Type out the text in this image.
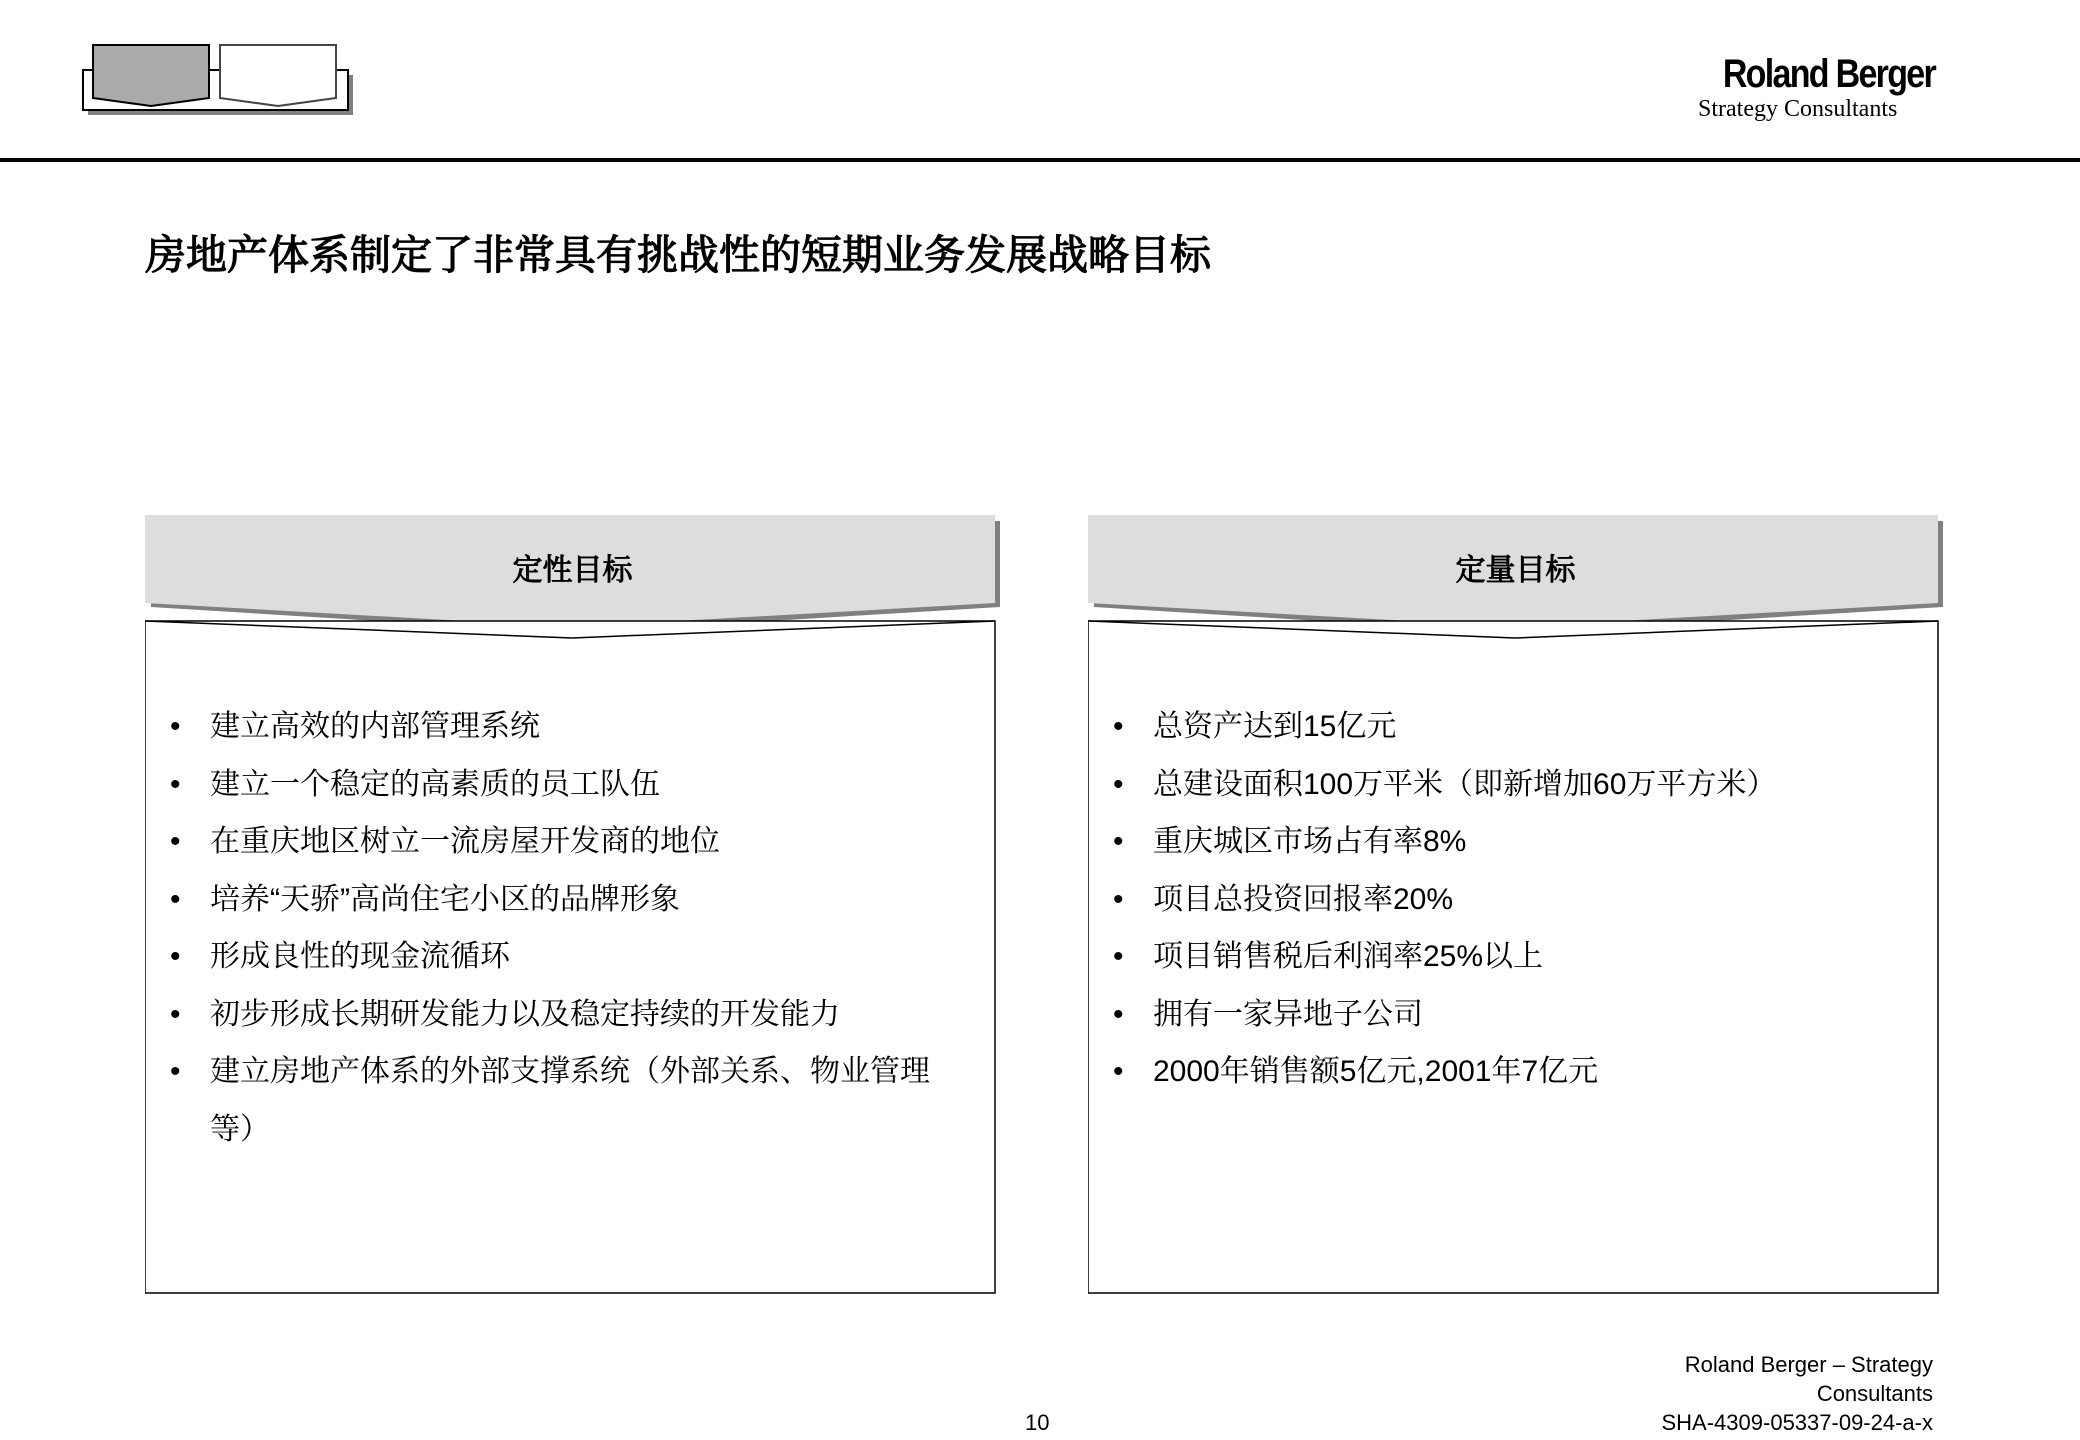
Roland Berger
Strategy Consultants
房地产体系制定了非常具有挑战性的短期业务发展战略目标
定性目标
• 建立高效的内部管理系统
• 建立一个稳定的高素质的员工队伍
• 在重庆地区树立一流房屋开发商的地位
• 培养“天骄”高尚住宅小区的品牌形象
• 形成良性的现金流循环
• 初步形成长期研发能力以及稳定持续的开发能力
• 建立房地产体系的外部支撑系统（外部关系、物业管理等）
定量目标
• 总资产达到15亿元
• 总建设面积100万平米（即新增加60万平方米）
• 重庆城区市场占有率8%
• 项目总投资回报率20%
• 项目销售税后利润率25%以上
• 拥有一家异地子公司
• 2000年销售额5亿元,2001年7亿元
Roland Berger – Strategy
Consultants
SHA-4309-05337-09-24-a-x
10
